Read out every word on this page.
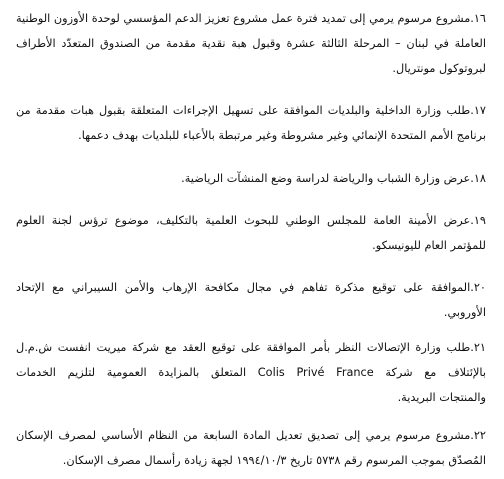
١٦.مشروع مرسوم يرمي إلى تمديد فترة عمل مشروع تعزيز الدعم المؤسسي لوحدة الأوزون الوطنية
العاملة في لبنان – المرحلة الثالثة عشرة وقبول هبة نقدية مقدمة من الصندوق المتعدّد الأطراف
لبروتوكول مونتريال.
١٧.طلب وزارة الداخلية والبلديات الموافقة على تسهيل الإجراءات المتعلقة بقبول هبات مقدمة من
برنامج الأمم المتحدة الإنمائي وغير مشروطة وغير مرتبطة بالأعباء للبلديات بهدف دعمها.
١٨.عرض وزارة الشباب والرياضة لدراسة وضع المنشآت الرياضية.
١٩.عرض الأمينة العامة للمجلس الوطني للبحوث العلمية بالتكليف، موضوع ترؤس لجنة العلوم
للمؤتمر العام لليونيسكو.
٢٠.الموافقة على توقيع مذكرة تفاهم في مجال مكافحة الإرهاب والأمن السيبراني مع الإتحاد
الأوروبي.
٢١.طلب وزارة الإتصالات النظر بأمر الموافقة على توقيع العقد مع شركة ميريت انفست ش.م.ل
بالإئتلاف مع شركة Colis Privé France المتعلق بالمزايدة العمومية لتلزيم الخدمات
والمنتجات البريدية.
٢٢.مشروع مرسوم يرمي إلى تصديق تعديل المادة السابعة من النظام الأساسي لمصرف الإسكان
المُصدّق بموجب المرسوم رقم ٥٧٣٨ تاريخ ١٩٩٤/١٠/٣ لجهة زيادة رأسمال مصرف الإسكان.
